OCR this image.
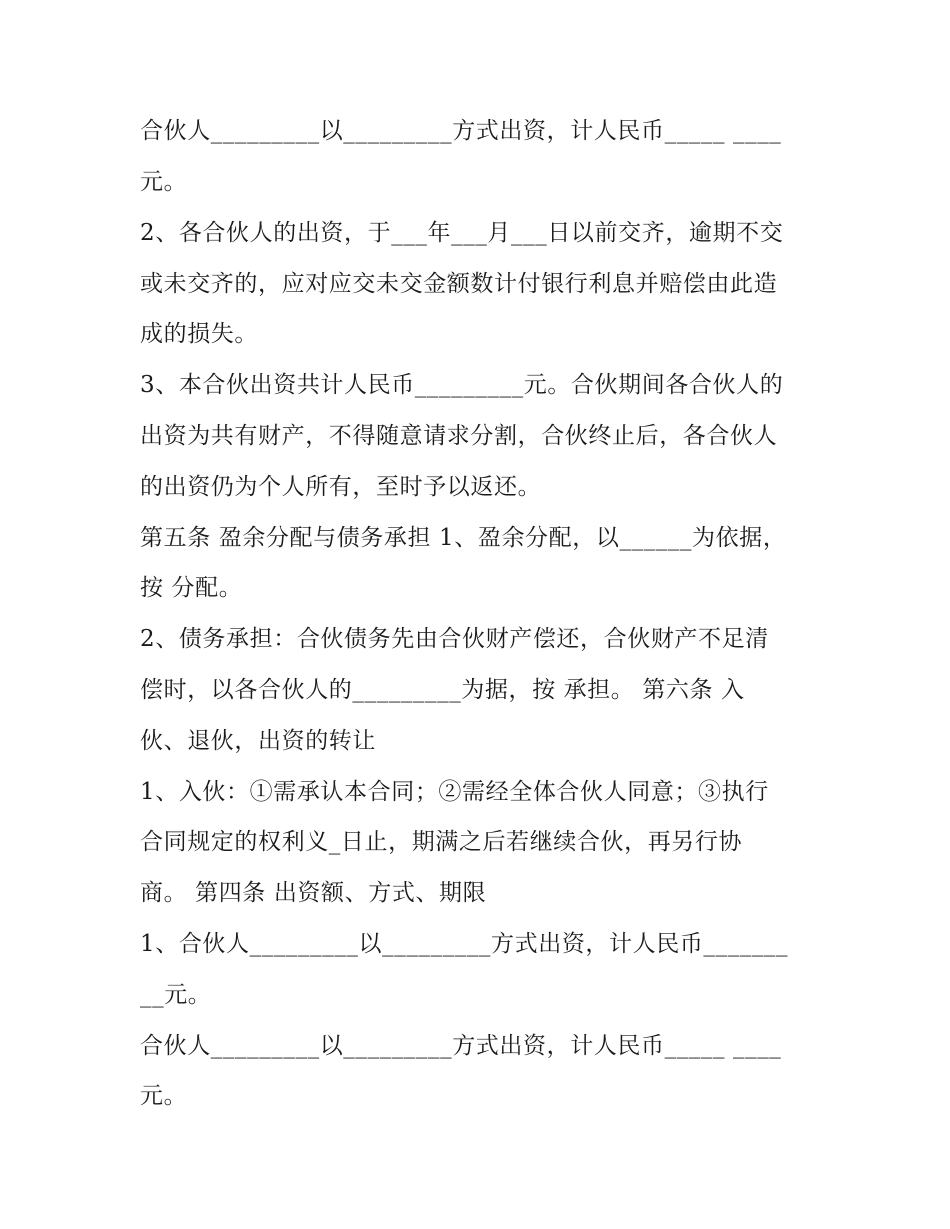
合伙人_________以_________方式出资，计人民币_____ ____
元。
2、各合伙人的出资，于___年___月___日以前交齐，逾期不交
或未交齐的，应对应交未交金额数计付银行利息并赔偿由此造
成的损失。
3、本合伙出资共计人民币_________元。合伙期间各合伙人的
出资为共有财产，不得随意请求分割，合伙终止后，各合伙人
的出资仍为个人所有，至时予以返还。
第五条 盈余分配与债务承担 1、盈余分配，以______为依据，
按 分配。
2、债务承担：合伙债务先由合伙财产偿还，合伙财产不足清
偿时，以各合伙人的_________为据，按 承担。 第六条 入
伙、退伙，出资的转让
1、入伙：①需承认本合同；②需经全体合伙人同意；③执行
合同规定的权利义_日止，期满之后若继续合伙，再另行协
商。 第四条 出资额、方式、期限
1、合伙人_________以_________方式出资，计人民币_______
__元。
合伙人_________以_________方式出资，计人民币_____ ____
元。
